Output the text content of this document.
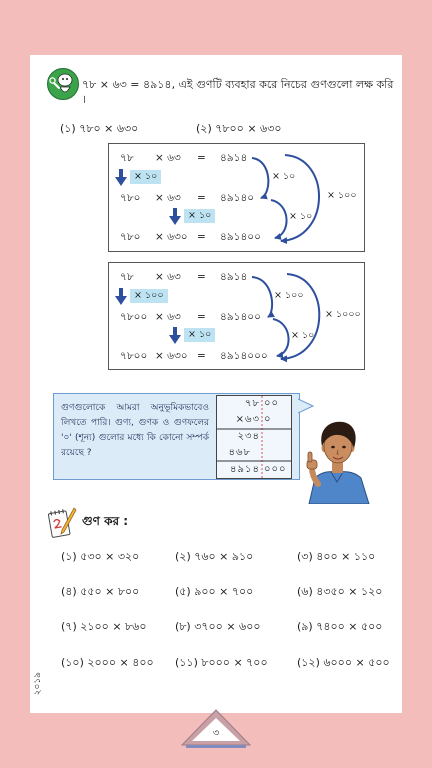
৭৮ × ৬৩ = ৪৯১৪, এই গুণটি ব্যবহার করে নিচের গুণগুলো লক্ষ করি ।
(১) ৭৮০ × ৬৩০	(২) ৭৮০০ × ৬৩০
৭৮ × ৬৩ = ৪৯১৪
× ১০
৭৮০ × ৬৩ = ৪৯১৪০
× ১০
৭৮০ × ৬৩০ = ৪৯১৪০০
× ১০
× ১০
× ১০০
৭৮ × ৬৩ = ৪৯১৪
× ১০০
৭৮০০ × ৬৩ = ৪৯১৪০০
× ১০
৭৮০০ × ৬৩০ = ৪৯১৪০০০
× ১০০
× ১০
× ১০০০
গুণগুলোকে আমরা অনুভূমিকভাবেও লিখতে পারি। গুণ্য, গুণক ও গুণফলের '০' (শূন্য) গুলোর মধ্যে কি কোনো সম্পর্ক রয়েছে ?
৭৮ ০০
×৬৩ ০
২৩৪
৪৬৮
৪৯১৪ ০০০
গুণ কর :
(১) ৫৩০ × ৩২০	(২) ৭৬০ × ৯১০	(৩) ৪০০ × ১১০
(৪) ৫৫০ × ৮০০	(৫) ৯০০ × ৭০০	(৬) ৪৩৫০ × ১২০
(৭) ২১০০ × ৮৬০	(৮) ৩৭০০ × ৬০০	(৯) ৭৪০০ × ৫০০
(১০) ২০০০ × ৪০০ (১১) ৮০০০ × ৭০০	(১২) ৬০০০ × ৫০০
২০১৯
৩
